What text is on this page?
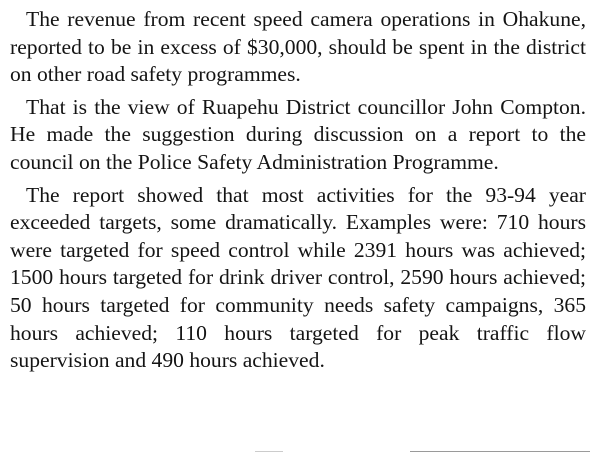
The revenue from recent speed camera operations in Ohakune, reported to be in excess of $30,000, should be spent in the district on other road safety programmes.

That is the view of Ruapehu District councillor John Compton. He made the suggestion during discussion on a report to the council on the Police Safety Administration Programme.

The report showed that most activities for the 93-94 year exceeded targets, some dramatically. Examples were: 710 hours were targeted for speed control while 2391 hours was achieved; 1500 hours targeted for drink driver control, 2590 hours achieved; 50 hours targeted for community needs safety campaigns, 365 hours achieved; 110 hours targeted for peak traffic flow supervision and 490 hours achieved.
